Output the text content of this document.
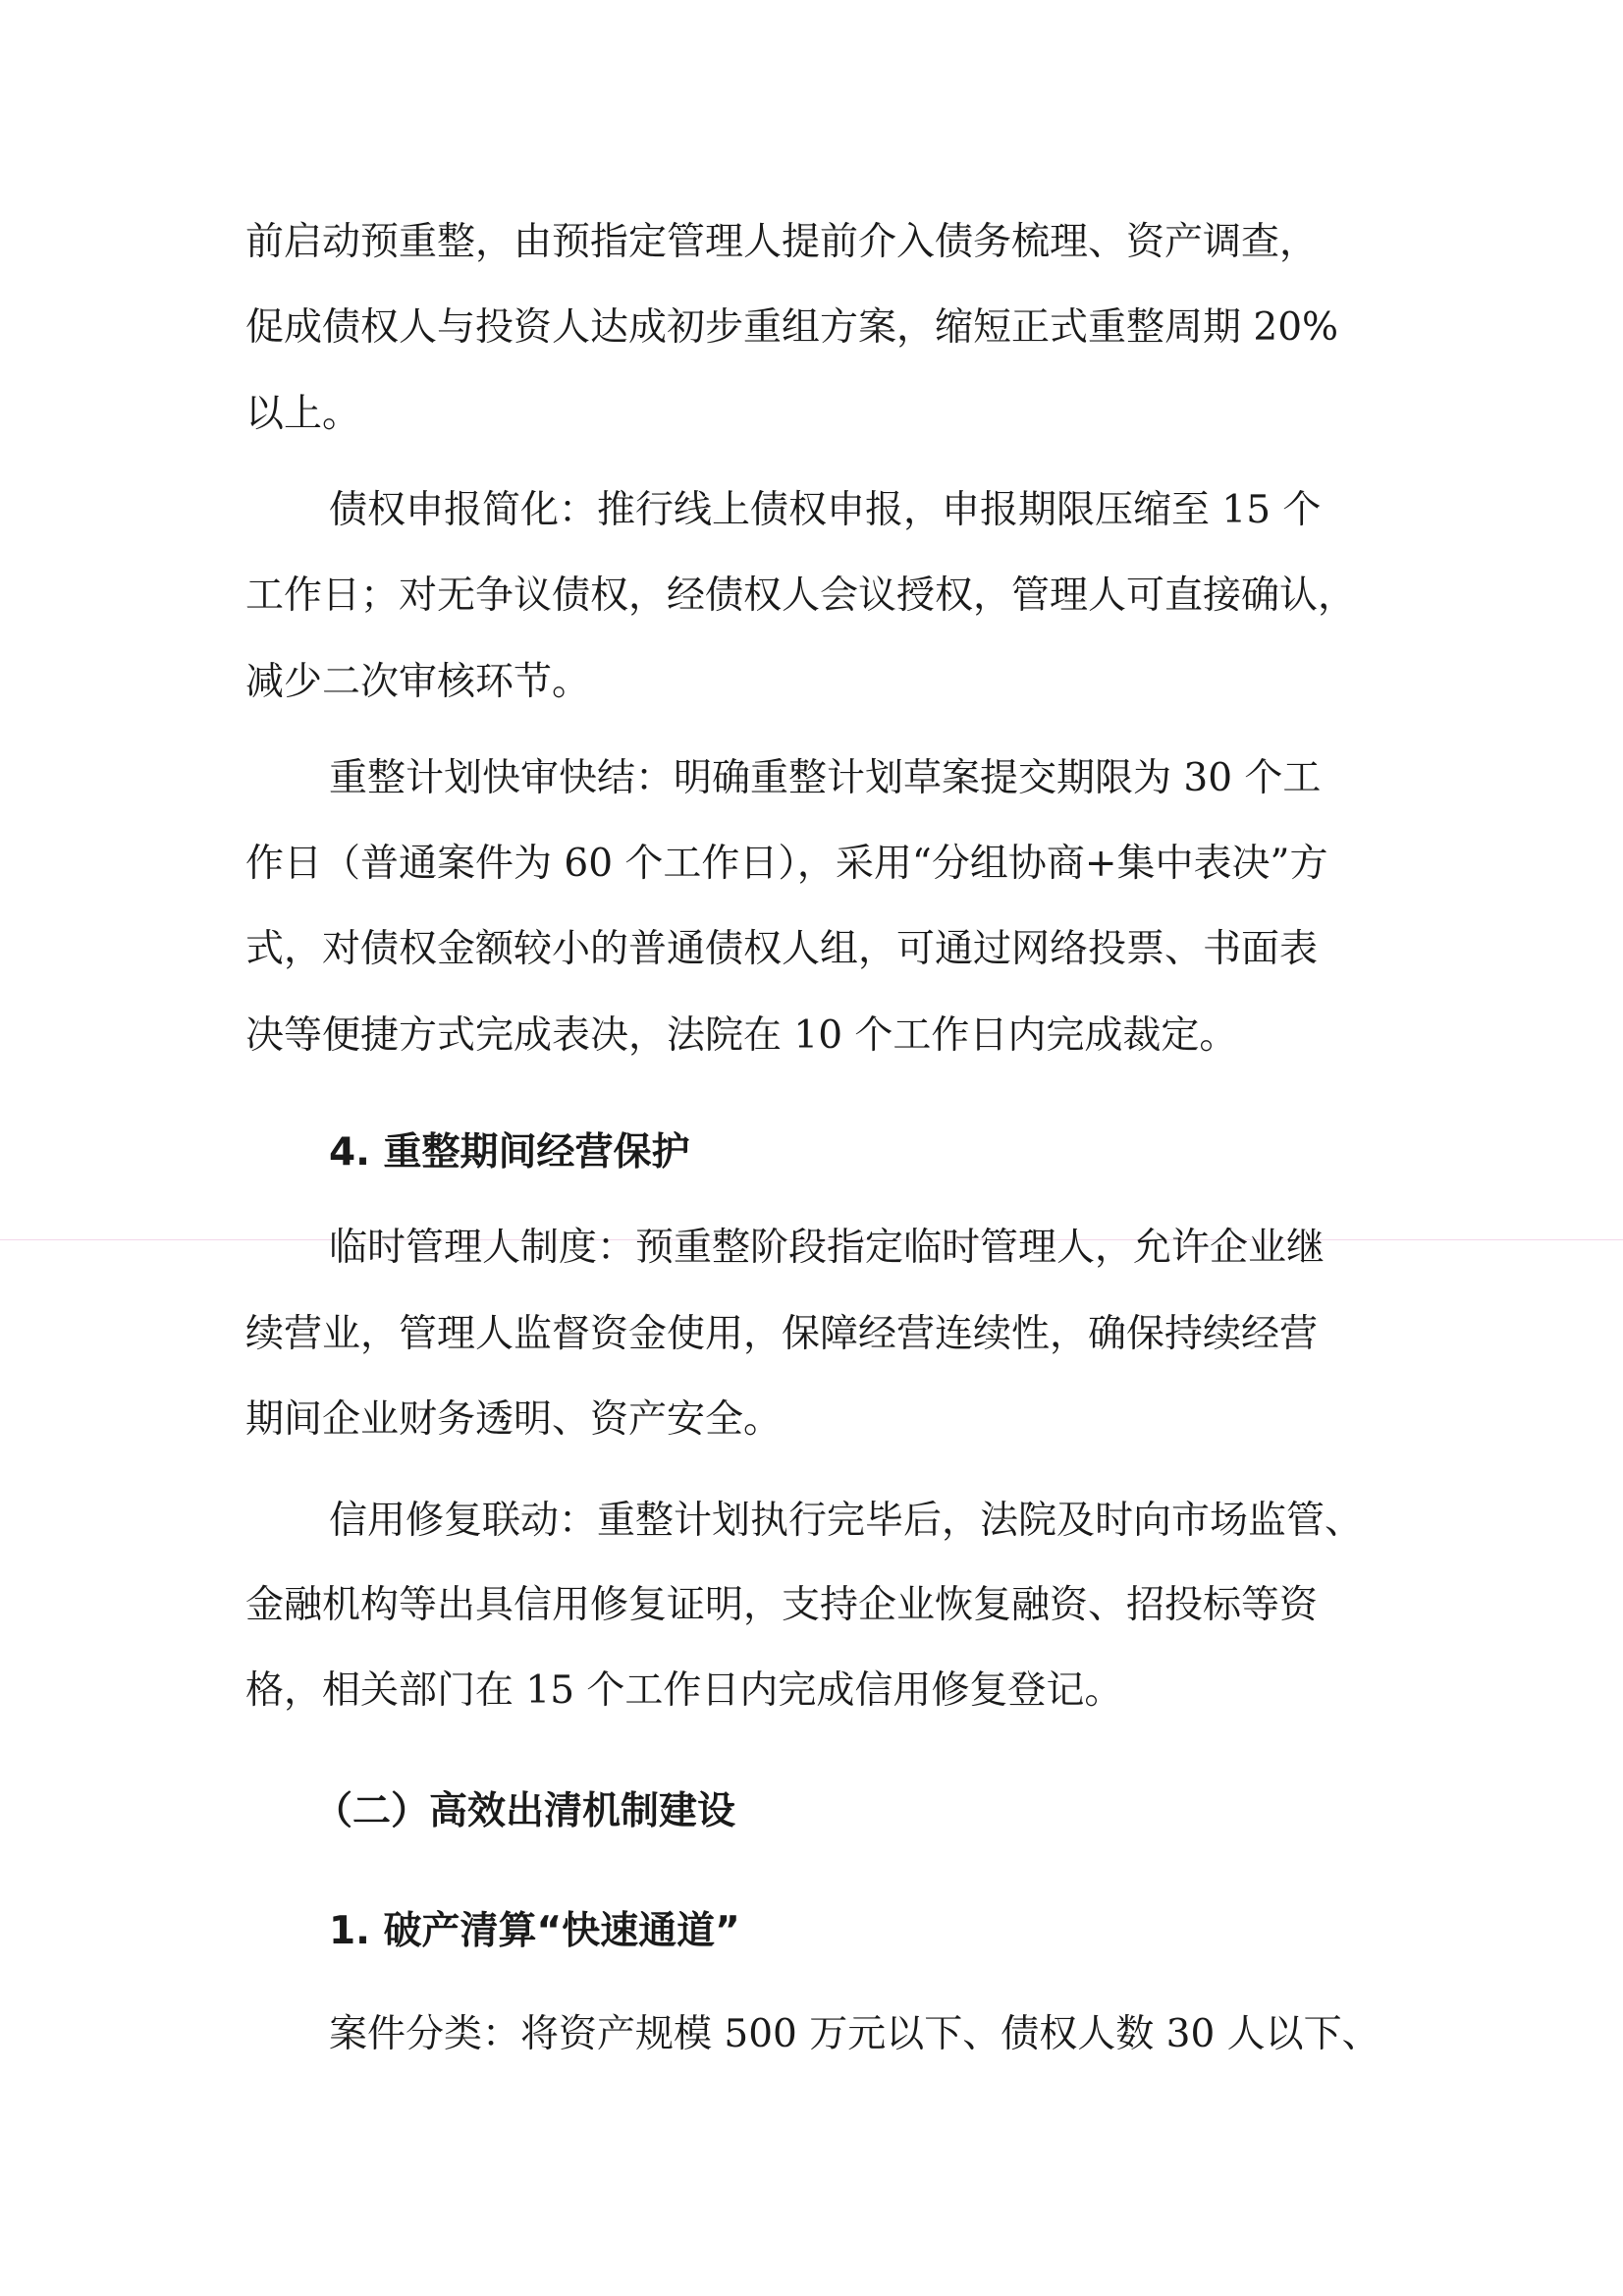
前启动预重整，由预指定管理人提前介入债务梳理、资产调查，
促成债权人与投资人达成初步重组方案，缩短正式重整周期 20%
以上。
债权申报简化：推行线上债权申报，申报期限压缩至 15 个
工作日；对无争议债权，经债权人会议授权，管理人可直接确认，
减少二次审核环节。
重整计划快审快结：明确重整计划草案提交期限为 30 个工
作日（普通案件为 60 个工作日），采用“分组协商+集中表决”方
式，对债权金额较小的普通债权人组，可通过网络投票、书面表
决等便捷方式完成表决，法院在 10 个工作日内完成裁定。
4. 重整期间经营保护
临时管理人制度：预重整阶段指定临时管理人，允许企业继
续营业，管理人监督资金使用，保障经营连续性，确保持续经营
期间企业财务透明、资产安全。
信用修复联动：重整计划执行完毕后，法院及时向市场监管、
金融机构等出具信用修复证明，支持企业恢复融资、招投标等资
格，相关部门在 15 个工作日内完成信用修复登记。
（二）高效出清机制建设
1. 破产清算“快速通道”
案件分类：将资产规模 500 万元以下、债权人数 30 人以下、
